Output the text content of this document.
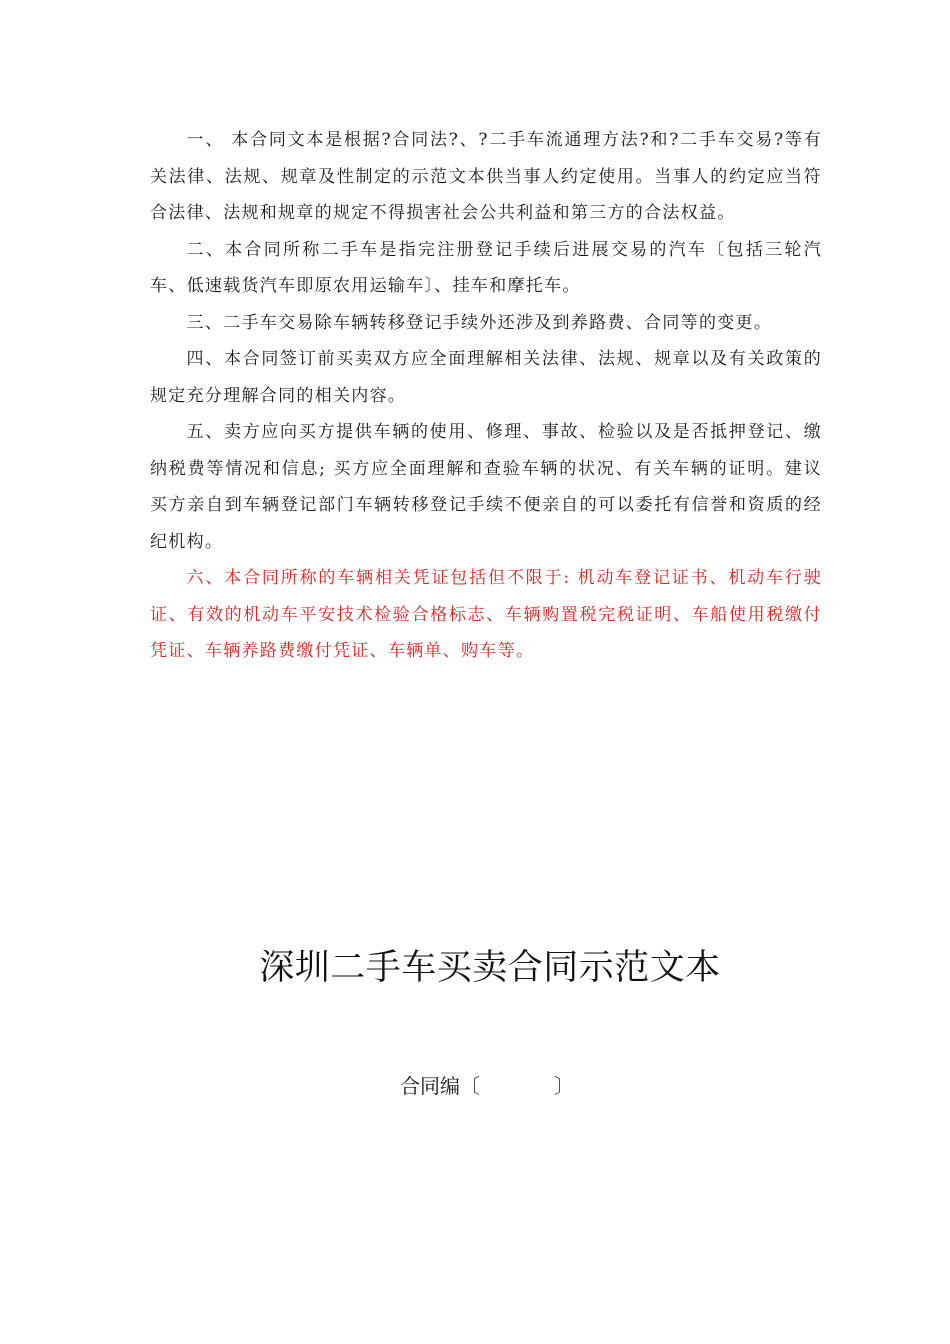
一、 本合同文本是根据?合同法?、?二手车流通理方法?和?二手车交易?等有关法律、法规、规章及性制定的示范文本供当事人约定使用。当事人的约定应当符合法律、法规和规章的规定不得损害社会公共利益和第三方的合法权益。

二、本合同所称二手车是指完注册登记手续后进展交易的汽车〔包括三轮汽车、低速载货汽车即原农用运输车〕、挂车和摩托车。

三、二手车交易除车辆转移登记手续外还涉及到养路费、合同等的变更。

四、本合同签订前买卖双方应全面理解相关法律、法规、规章以及有关政策的规定充分理解合同的相关内容。

五、卖方应向买方提供车辆的使用、修理、事故、检验以及是否抵押登记、缴纳税费等情况和信息; 买方应全面理解和查验车辆的状况、有关车辆的证明。建议买方亲自到车辆登记部门车辆转移登记手续不便亲自的可以委托有信誉和资质的经纪机构。

六、本合同所称的车辆相关凭证包括但不限于: 机动车登记证书、机动车行驶证、有效的机动车平安技术检验合格标志、车辆购置税完税证明、车船使用税缴付凭证、车辆养路费缴付凭证、车辆单、购车等。

深圳二手车买卖合同示范文本
合同编〔	〕
